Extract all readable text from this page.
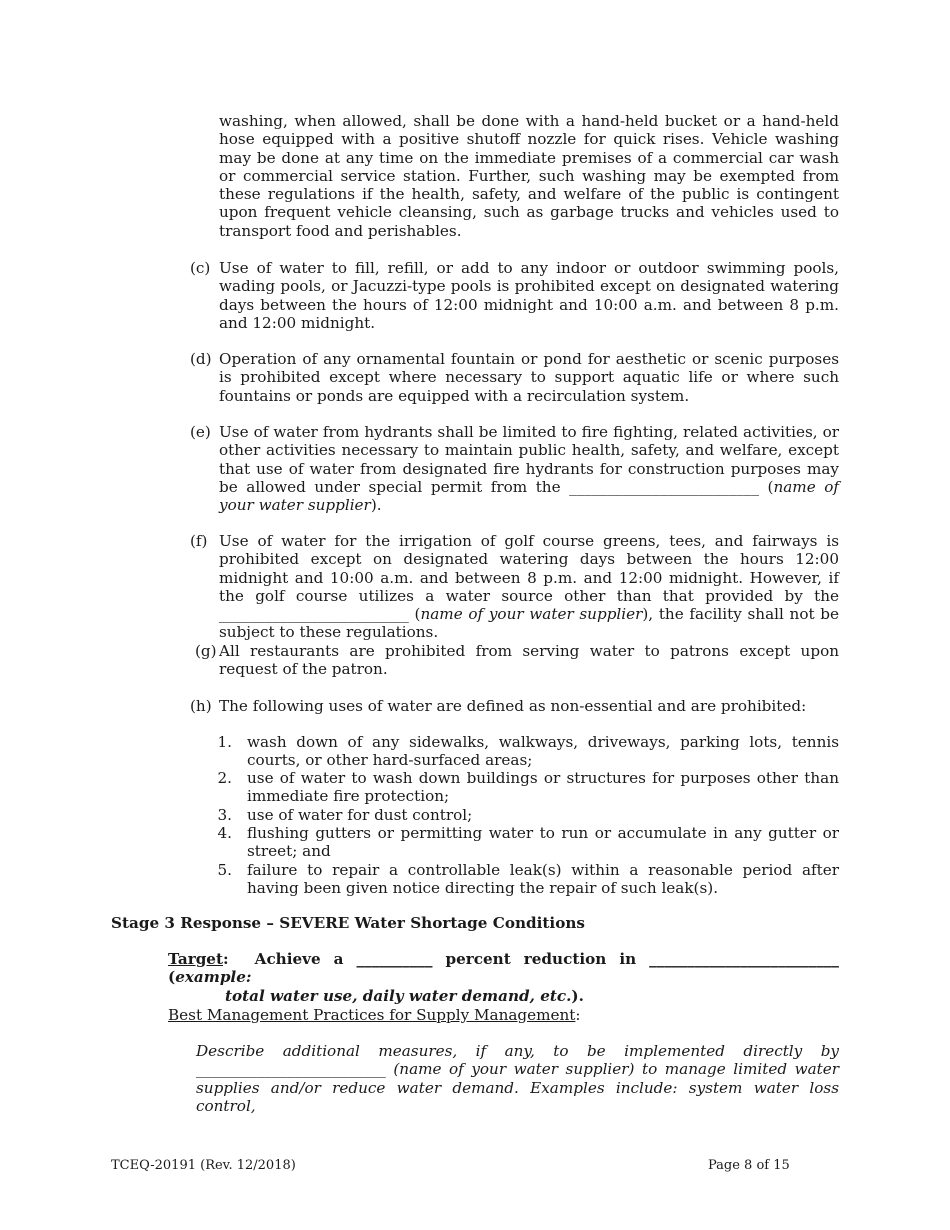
washing, when allowed, shall be done with a hand-held bucket or a hand-held hose equipped with a positive shutoff nozzle for quick rises. Vehicle washing may be done at any time on the immediate premises of a commercial car wash or commercial service station. Further, such washing may be exempted from these regulations if the health, safety, and welfare of the public is contingent upon frequent vehicle cleansing, such as garbage trucks and vehicles used to transport food and perishables.

(c) Use of water to fill, refill, or add to any indoor or outdoor swimming pools, wading pools, or Jacuzzi-type pools is prohibited except on designated watering days between the hours of 12:00 midnight and 10:00 a.m. and between 8 p.m. and 12:00 midnight.

(d) Operation of any ornamental fountain or pond for aesthetic or scenic purposes is prohibited except where necessary to support aquatic life or where such fountains or ponds are equipped with a recirculation system.

(e) Use of water from hydrants shall be limited to fire fighting, related activities, or other activities necessary to maintain public health, safety, and welfare, except that use of water from designated fire hydrants for construction purposes may be allowed under special permit from the _________________________ (name of your water supplier).

(f) Use of water for the irrigation of golf course greens, tees, and fairways is prohibited except on designated watering days between the hours 12:00 midnight and 10:00 a.m. and between 8 p.m. and 12:00 midnight. However, if the golf course utilizes a water source other than that provided by the _________________________ (name of your water supplier), the facility shall not be subject to these regulations.

(g) All restaurants are prohibited from serving water to patrons except upon request of the patron.

(h) The following uses of water are defined as non-essential and are prohibited:

1. wash down of any sidewalks, walkways, driveways, parking lots, tennis courts, or other hard-surfaced areas;

2. use of water to wash down buildings or structures for purposes other than immediate fire protection;

3. use of water for dust control;

4. flushing gutters or permitting water to run or accumulate in any gutter or street; and

5. failure to repair a controllable leak(s) within a reasonable period after having been given notice directing the repair of such leak(s).

Stage 3 Response – SEVERE Water Shortage Conditions

Target: Achieve a __________ percent reduction in _________________________ (example:
total water use, daily water demand, etc.).

Best Management Practices for Supply Management:

Describe additional measures, if any, to be implemented directly by
_________________________ (name of your water supplier) to manage limited water supplies and/or reduce water demand. Examples include: system water loss control,

TCEQ-20191 (Rev. 12/2018)	Page 8 of 15
